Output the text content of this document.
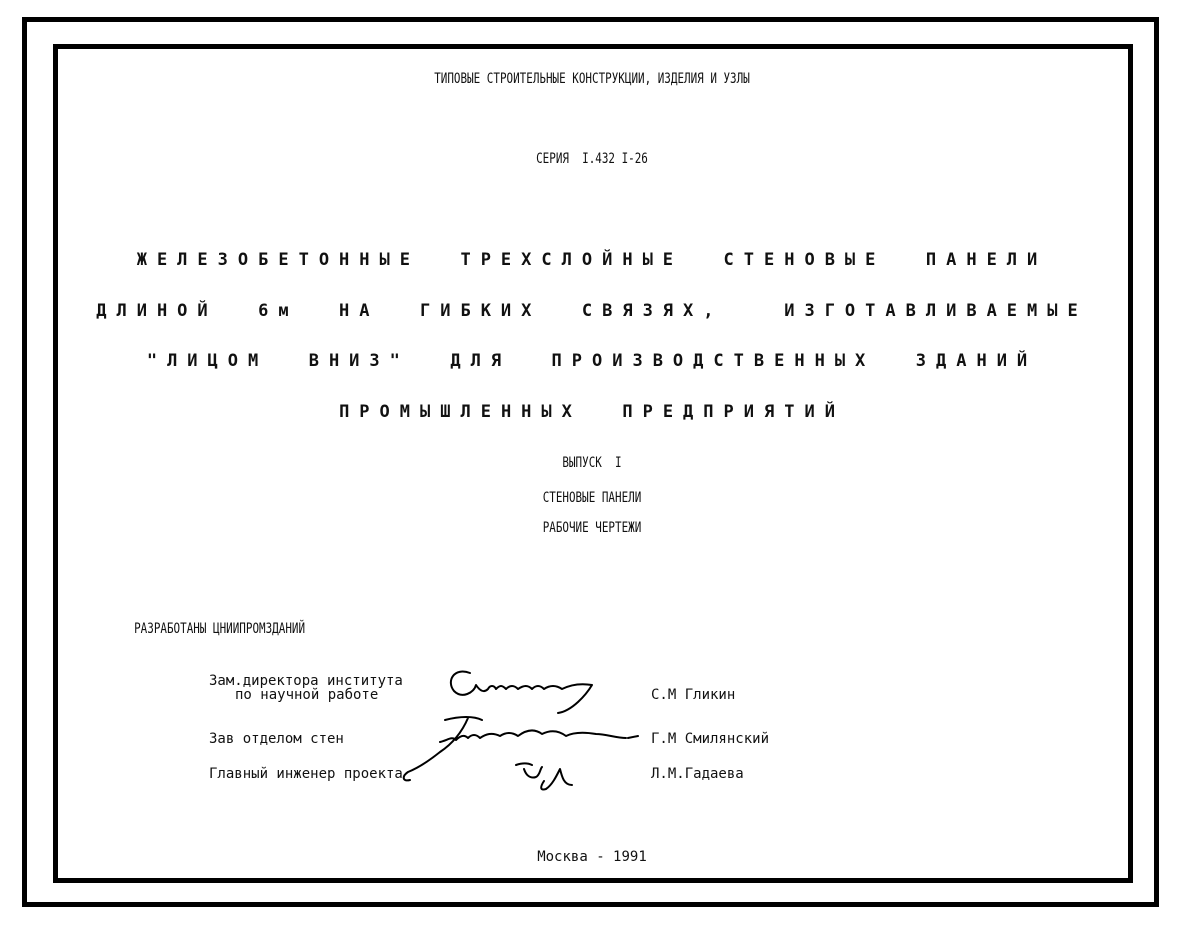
ТИПОВЫЕ СТРОИТЕЛЬНЫЕ КОНСТРУКЦИИ, ИЗДЕЛИЯ И УЗЛЫ
СЕРИЯ  I.432 I-26
ЖЕЛЕЗОБЕТОННЫЕ  ТРЕХСЛОЙНЫЕ  СТЕНОВЫЕ  ПАНЕЛИ
ДЛИНОЙ  6м  НА  ГИБКИХ  СВЯЗЯХ,   ИЗГОТАВЛИВАЕМЫЕ
"ЛИЦОМ  ВНИЗ"  ДЛЯ  ПРОИЗВОДСТВЕННЫХ  ЗДАНИЙ
ПРОМЫШЛЕННЫХ  ПРЕДПРИЯТИЙ
ВЫПУСК  I
СТЕНОВЫЕ ПАНЕЛИ
РАБОЧИЕ ЧЕРТЕЖИ
РАЗРАБОТАНЫ ЦНИИПРОМЗДАНИЙ
Зам.директора института
по научной работе	С.М Гликин
Зав отделом стен	Г.М Смилянский
Главный инженер проекта	Л.М.Гадаева
Москва - 1991
